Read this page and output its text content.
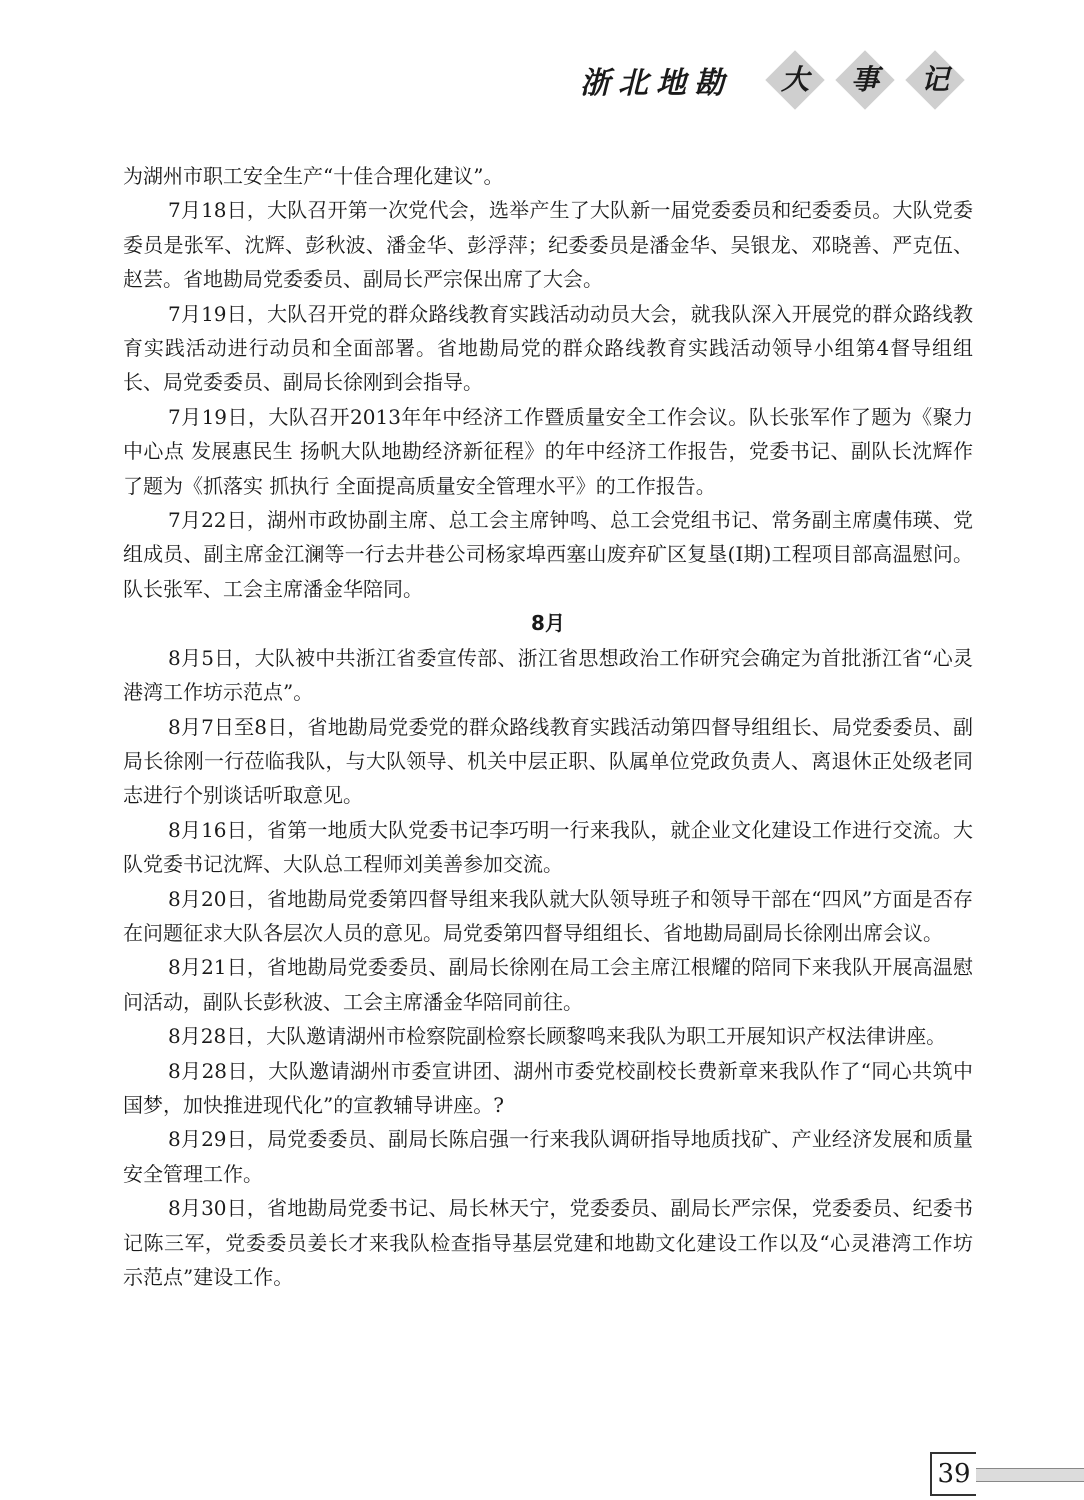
浙北地勘	大	事	记

为湖州市职工安全生产“十佳合理化建议”。

7月18日，大队召开第一次党代会，选举产生了大队新一届党委委员和纪委委员。大队党委委员是张军、沈辉、彭秋波、潘金华、彭浮萍；纪委委员是潘金华、吴银龙、邓晓善、严克伍、赵芸。省地勘局党委委员、副局长严宗保出席了大会。

7月19日，大队召开党的群众路线教育实践活动动员大会，就我队深入开展党的群众路线教育实践活动进行动员和全面部署。省地勘局党的群众路线教育实践活动领导小组第4督导组组长、局党委委员、副局长徐刚到会指导。

7月19日，大队召开2013年年中经济工作暨质量安全工作会议。队长张军作了题为《聚力中心点 发展惠民生 扬帆大队地勘经济新征程》的年中经济工作报告，党委书记、副队长沈辉作了题为《抓落实 抓执行 全面提高质量安全管理水平》的工作报告。

7月22日，湖州市政协副主席、总工会主席钟鸣、总工会党组书记、常务副主席虞伟瑛、党组成员、副主席金江澜等一行去井巷公司杨家埠西塞山废弃矿区复垦(Ⅰ期)工程项目部高温慰问。队长张军、工会主席潘金华陪同。

8月

8月5日，大队被中共浙江省委宣传部、浙江省思想政治工作研究会确定为首批浙江省“心灵港湾工作坊示范点”。

8月7日至8日，省地勘局党委党的群众路线教育实践活动第四督导组组长、局党委委员、副局长徐刚一行莅临我队，与大队领导、机关中层正职、队属单位党政负责人、离退休正处级老同志进行个别谈话听取意见。

8月16日，省第一地质大队党委书记李巧明一行来我队，就企业文化建设工作进行交流。大队党委书记沈辉、大队总工程师刘美善参加交流。

8月20日，省地勘局党委第四督导组来我队就大队领导班子和领导干部在“四风”方面是否存在问题征求大队各层次人员的意见。局党委第四督导组组长、省地勘局副局长徐刚出席会议。

8月21日，省地勘局党委委员、副局长徐刚在局工会主席江根耀的陪同下来我队开展高温慰问活动，副队长彭秋波、工会主席潘金华陪同前往。

8月28日，大队邀请湖州市检察院副检察长顾黎鸣来我队为职工开展知识产权法律讲座。

8月28日，大队邀请湖州市委宣讲团、湖州市委党校副校长费新章来我队作了“同心共筑中国梦，加快推进现代化”的宣教辅导讲座。?

8月29日，局党委委员、副局长陈启强一行来我队调研指导地质找矿、产业经济发展和质量安全管理工作。

8月30日，省地勘局党委书记、局长林天宁，党委委员、副局长严宗保，党委委员、纪委书记陈三军，党委委员姜长才来我队检查指导基层党建和地勘文化建设工作以及“心灵港湾工作坊示范点”建设工作。

39
